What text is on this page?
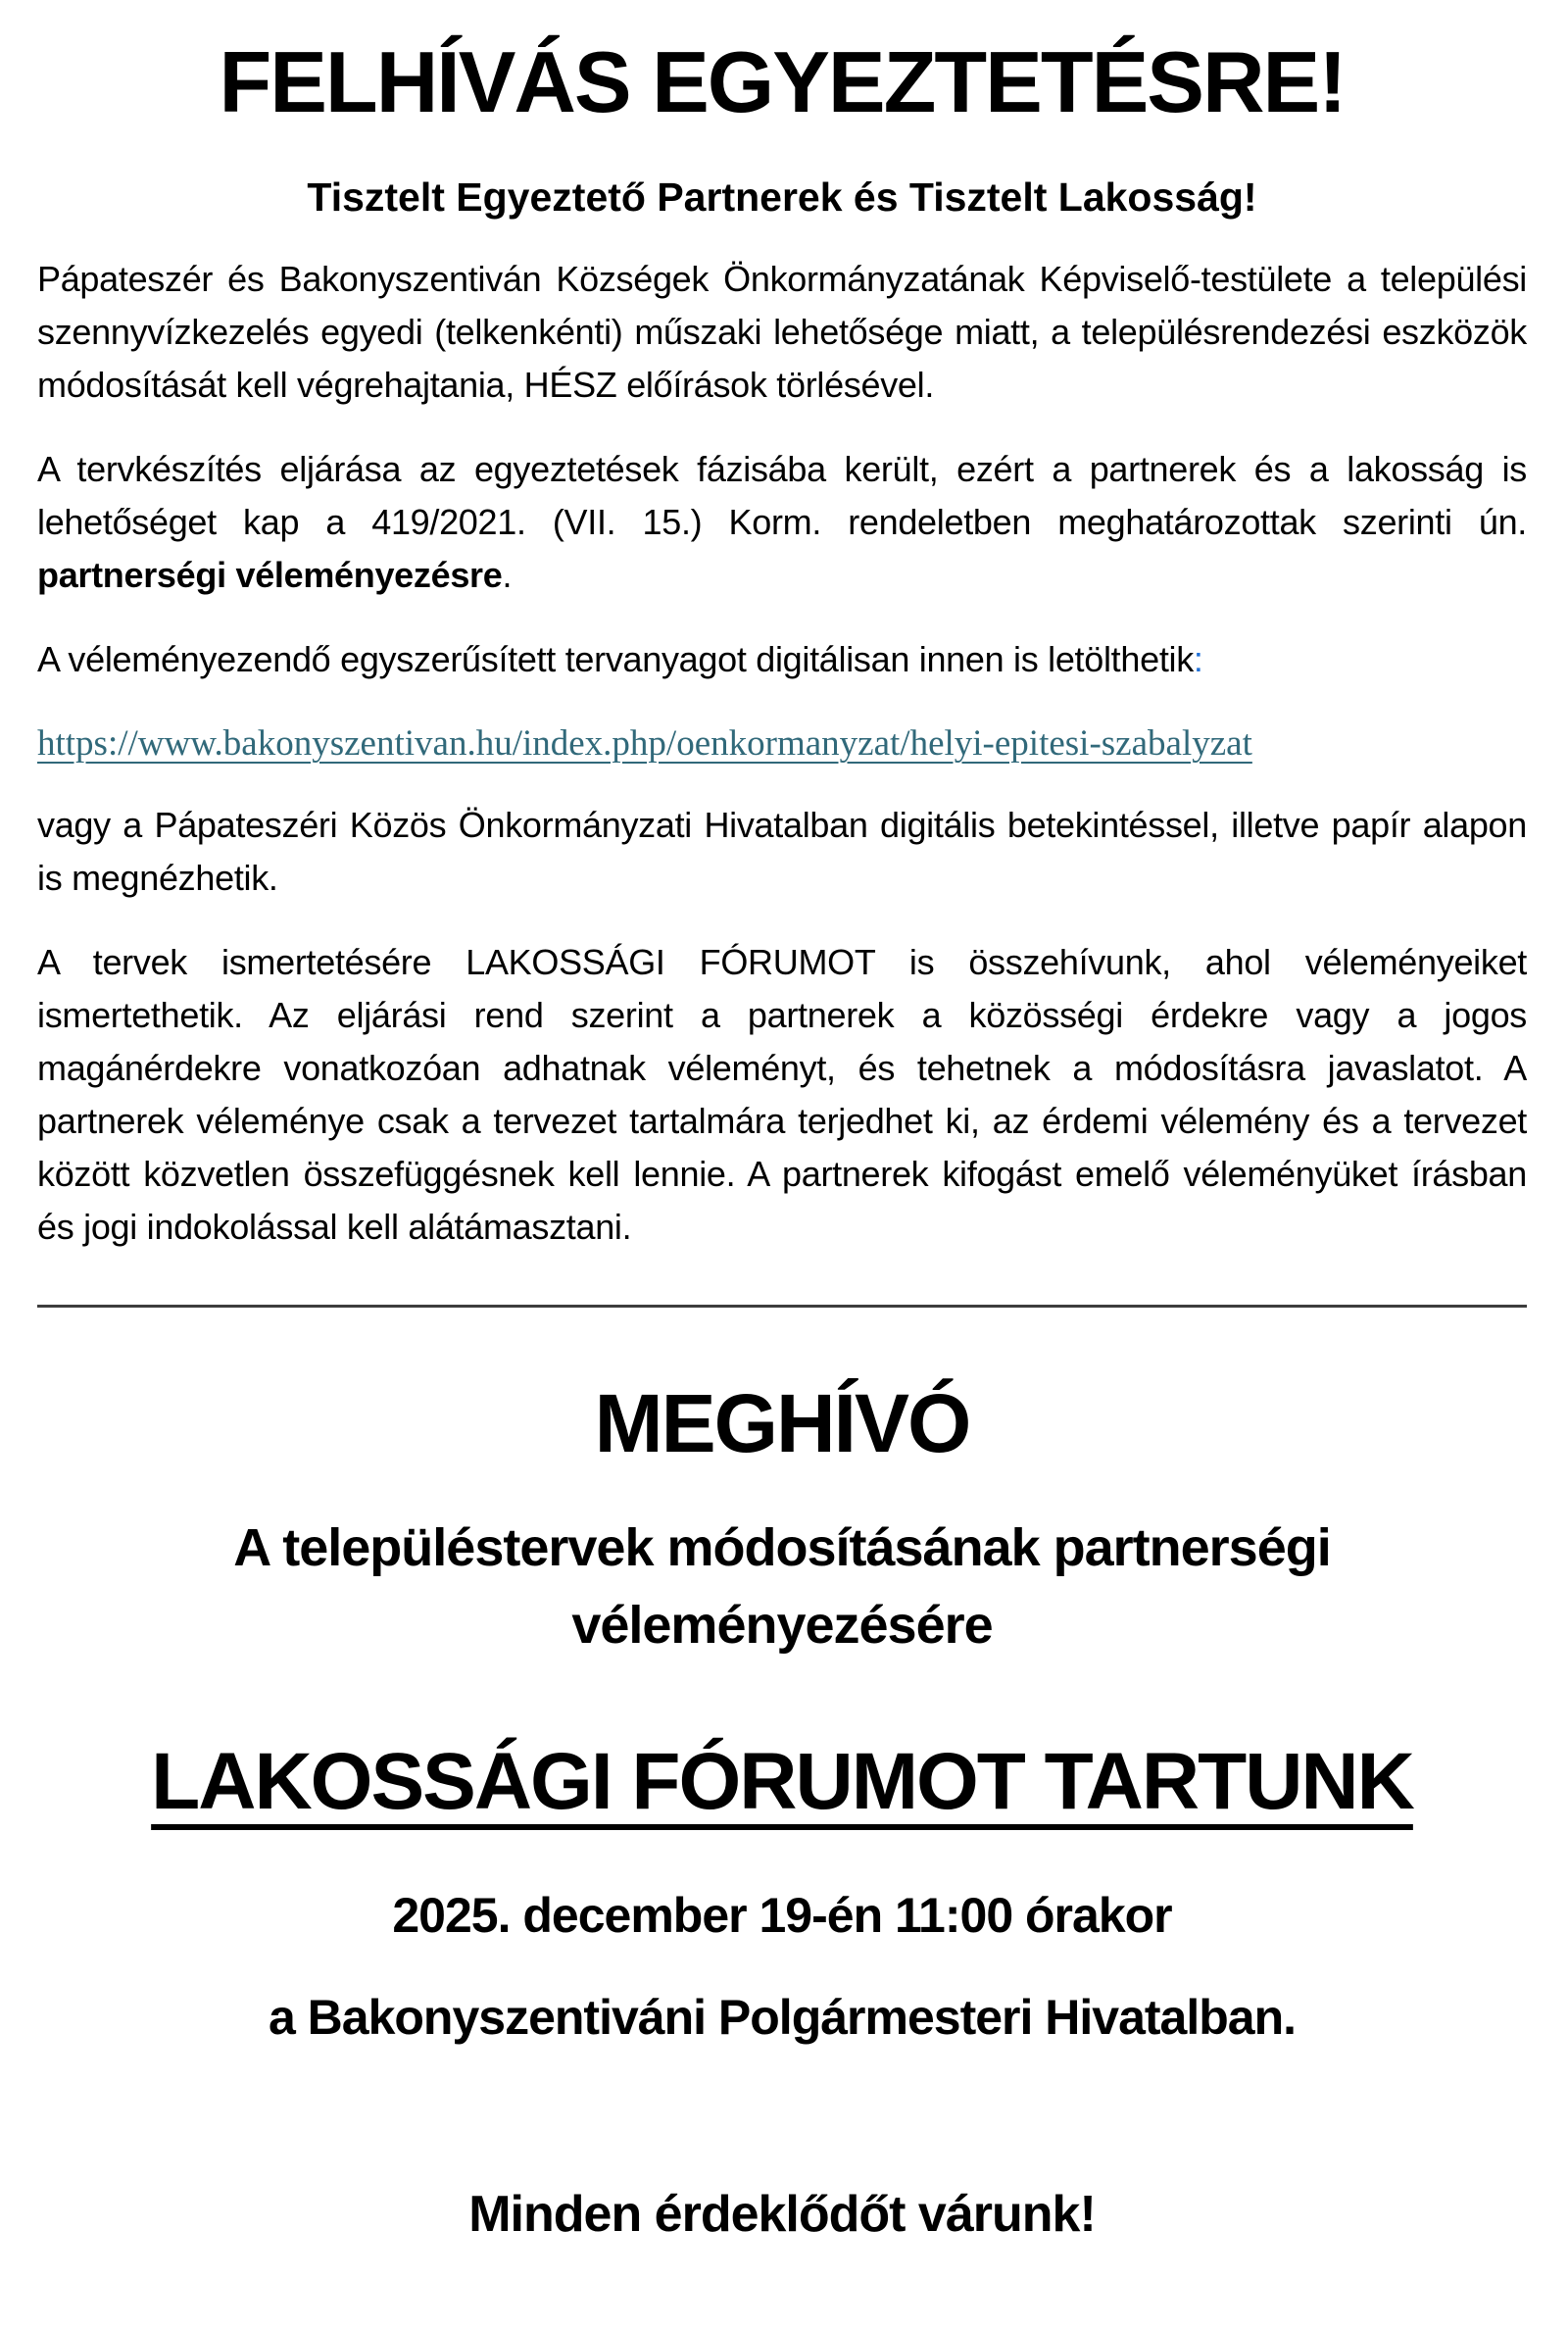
FELHÍVÁS EGYEZTETÉSRE!
Tisztelt Egyeztető Partnerek és Tisztelt Lakosság!

Pápateszér és Bakonyszentiván Községek Önkormányzatának Képviselő-testülete a települési szennyvízkezelés egyedi (telkenkénti) műszaki lehetősége miatt, a településrendezési eszközök módosítását kell végrehajtania, HÉSZ előírások törlésével.

A tervkészítés eljárása az egyeztetések fázisába került, ezért a partnerek és a lakosság is lehetőséget kap a 419/2021. (VII. 15.) Korm. rendeletben meghatározottak szerinti ún. partnerségi véleményezésre.

A véleményezendő egyszerűsített tervanyagot digitálisan innen is letölthetik:

https://www.bakonyszentivan.hu/index.php/oenkormanyzat/helyi-epitesi-szabalyzat

vagy a Pápateszéri Közös Önkormányzati Hivatalban digitális betekintéssel, illetve papír alapon is megnézhetik.

A tervek ismertetésére LAKOSSÁGI FÓRUMOT is összehívunk, ahol véleményeiket ismertethetik. Az eljárási rend szerint a partnerek a közösségi érdekre vagy a jogos magánérdekre vonatkozóan adhatnak véleményt, és tehetnek a módosításra javaslatot. A partnerek véleménye csak a tervezet tartalmára terjedhet ki, az érdemi vélemény és a tervezet között közvetlen összefüggésnek kell lennie. A partnerek kifogást emelő véleményüket írásban és jogi indokolással kell alátámasztani.

MEGHÍVÓ
A településtervek módosításának partnerségi véleményezésére
LAKOSSÁGI FÓRUMOT TARTUNK
2025. december 19-én 11:00 órakor
a Bakonyszentiváni Polgármesteri Hivatalban.
Minden érdeklődőt várunk!
